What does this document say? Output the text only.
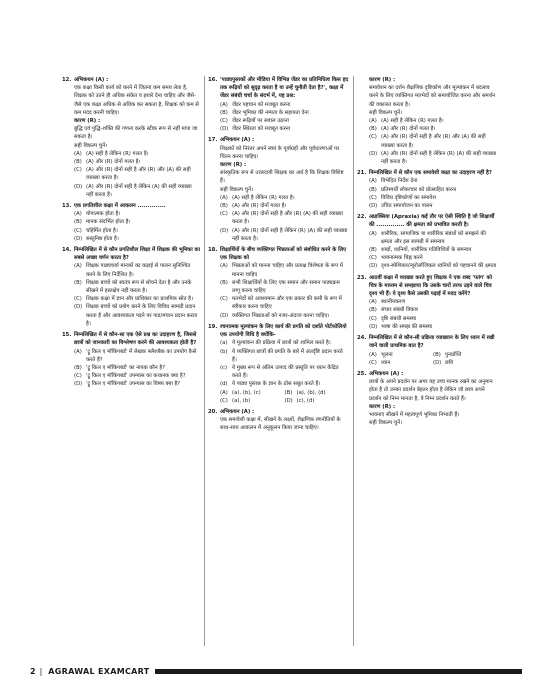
12. अभिकथन (A) :
एक कक्षा किसी कार्य को करने में जितना कम समय लेता है, शिक्षक को उतने ही अधिक संकेत व इशारे देना चाहिए और जैसे-जैसे एक कक्षा अधिक से अधिक कर सकता है, शिक्षक को कम से कम मदद करनी चाहिए।
कारण (R) :
बुद्धि एवं पुद्धि-शक्ति की गणना करके स्टीक रूप से नहीं मापा जा सकता है।
सही विकल्प चुनें।
(A) (A) सही है लेकिन (R) गलत है।
(B) (A) और (R) दोनों गलत है।
(C) (A) और (R) दोनों सही है और (R) और (A) की सही व्याख्या करता है।
(D) (A) और (R) दोनों सही है लेकिन (A) की सही व्याख्या नहीं करता है।
13. एक प्रगतिशील कक्षा में आकलन ..............
(A) योगात्मक होता है।
(B) मानक संदर्भित होता है।
(C) चहिर्मित होता है।
(D) सस्तुनिष्ठ होता है।
14. निम्नलिखित में से कौन प्रगतिशील शिक्षा में शिक्षक की भूमिका का सबसे अच्छा वर्णन करता है?
(A) शिक्षक पाठ्यचर्या मानकों का कड़ाई से पालन सुनिश्चित करने के लिए निर्देशित है।
(B) शिक्षक बच्चों को स्वतंत्र रूप से सोचने देता है और उनके सीखने में हस्तक्षेप नहीं करता है।
(C) शिक्षक कक्षा में ज्ञान और प्राधिकार का प्राथमिक स्रोत है।
(D) शिक्षक बच्चों को प्रयोग करने के लिए विविध सामग्री प्रदान करता है और आवश्यकता पड़ने पर पाड/मचान प्रदान करता है।
15. निम्नलिखित में से कौन-सा एक ऐसे प्रश्न का उदाहरण है, जिससे छात्रों को जानकारी का विश्लेषण करने की आवश्यकता होती है?
(A) 'ट्रू किल ए मॉकिंगबर्ड' में लेखक फ्लैशबैक का उपयोग कैसे करते हैं?
(B) 'ट्रू किल ए मॉकिंगबर्ड' का नायक कौन है?
(C) 'ट्रू किल ए मॉकिंगबर्ड' उपन्यास का कथानक क्या है?
(D) 'ट्रू किल ए मॉकिंगबर्ड' उपन्यास का विषय क्या है?
16. 'पाठ्यपुस्तकों और मीडिया में विभिन्न जेंडर का प्रतिनिधित्व किस हद तक रूढ़ियों को सुदृढ़ करता है या उन्हें चुनौती देता है?', कक्षा में जेंडर संबंधी चर्चा के संदर्भ में, यह प्रश्न:
(A) जेंडर पहचान को मजबूत करना
(B) जेंडर भूमिका की नम्यता के सहायता देना
(C) जेंडर रूढ़ियों पर सवाल उठाना
(D) जेंडर स्थिरता को मजबूत करना
17. अभिकथन (A) :
शिक्षकों को निरंतर अपने स्वयं के पूर्वाग्रहों और पूर्वधारणाओं पर चिंतन करना चाहिए।
कारण (R) :
सांस्कृतिक रूप से उत्तरदायी शिक्षक का अर्थ है कि शिक्षक विशिष्ट हैं।
सही विकल्प चुनें।
(A) (A) सही है लेकिन (R) गलत है।
(B) (A) और (R) दोनों गलत है।
(C) (A) और (R) दोनों सही है और (R) (A) की सही व्याख्या करता है।
(D) (A) और (R) दोनों सही है लेकिन (R) (A) की सही व्याख्या नहीं करता है।
18. शिक्षार्थियों के बीच व्यक्तिगत भिन्नताओं को संबोधित करने के लिए एक शिक्षक को
(A) भिन्नताओं को मानना चाहिए और प्रत्यक्ष विशेषता के रूप में मानना चाहिए
(B) सभी शिक्षार्थियों के लिए एक समान और समान पाठ्यक्रम लागू करना चाहिए
(C) मतभेदों को अवश्यमान और एक प्रकार की कमी के रूप में स्वीकार करना चाहिए
(D) व्यक्तिगत भिन्नताओं को नजर-अंदाज करना चाहिए।
19. रचनात्मक मूल्यांकन के लिए कार्य की प्रगति को दर्शाते पोर्टफोलियो एक उपयोगी विधि है क्योंकि-
(a) ये मूल्यांकन की प्रक्रिया में छात्रों को शामिल करते है।
(b) ये व्यक्तिगत छात्रों की प्रगति के बारे में अंतर्दृष्टि प्रदान करते हैं।
(c) ये मुख्य रूप से अंतिम उत्पाद की प्रस्तुति पर ध्यान केंद्रित करते हैं।
(d) ये पाठ्य पुस्तक के ज्ञान के ठोस सबूत करते हैं।
(A) (a), (b), (c)	(B) (a), (b), (d)
(C) (a), (b)	(D) (c), (d)
20. अभिकथन (A) :
एक समावेशी कक्षा में, सीखने के लक्ष्यों, शैक्षणिक रणनीतियों के साथ-साथ आकलन में अनुकूलन किया जाना चाहिए।
कारण (R) :
समावेशन का दर्शन शैक्षणिक दृष्टिकोण और मूल्यांकन में बदलाव करने के लिए व्यक्तिगत मतभेदों को समायोजित करना और समर्थन की वकालत करता है।
सही विकल्प चुनें।
(A) (A) सही है लेकिन (R) गलत है।
(B) (A) और (R) दोनों गलत है।
(C) (A) और (R) दोनों सही है और (R) और (A) की सही व्याख्या करता है।
(D) (A) और (R) दोनों सही है लेकिन (R) (A) की सही व्याख्या नहीं करता है।
21. निम्नलिखित में से कौन एक समावेशी कक्षा का उदाहरण नहीं है?
(A) विभेदित निर्देश देना
(B) प्रतिस्पर्धी लोकाचार को प्रोत्साहित करना
(C) विविध दृष्टिकोणों का समावेश
(D) उचित समायोजन का पालन
22. अप्राक्सिया (Apraxia) कई तौर पर ऐसी स्थिति है जो शिक्षार्थी की .............. की क्षमता को प्रभावित करती है।
(A) शारीरिक, सामाजिक या शारीरिक संबंधों को समझने की क्षमता और इस सामग्री में समन्वय
(B) शब्दों, ध्वनियों, शारीरिक गतिविधियों के समन्वय
(C) भावनात्मक चिह्न करने
(D) दृश्य-स्पेशियल/न्यूरोलॉजिकल ध्वनियों को पहचानने की क्षमता
23. आठवीं कक्षा में व्याख्या करते हुए शिक्षक ने एक शब्द 'पतंग' को चित्र के माध्यम से समझाया कि उसके चारों तरफ उड़ने वाले चित्र दृश्य भी हैं। ये दृश्य कैसे उसकी पढ़ाई में मदद करेंगे?
(A) स्थानीयकरण
(B) संचार संबंधी विकार
(C) दृष्टि संबंधी समस्या
(D) भाषा की समझ की समस्या
24. निम्नलिखित में से कौन-सी प्रक्रिया व्याख्यान के लिए ध्यान में रखी जाने वाली प्राथमिक बात है?
(A) भूलना	(B) पुनर्प्राप्ति
(C) ध्यान	(D) छवि
25. अभिकथन (A) :
छात्रों के अपने प्रदर्शन पर अगर वह उच्च मानक रखने का अनुमान होता है तो उनका प्रदर्शन बेहतर होता है लेकिन जो छात्र अपने प्रदर्शन को निम्न मानता है, वे निम्न प्रदर्शन करते हैं।
कारण (R) :
भावनाएं सीखने में महत्वपूर्ण भूमिका निभाती हैं।
सही विकल्प चुनें।
2 | AGRAWAL EXAMCART
